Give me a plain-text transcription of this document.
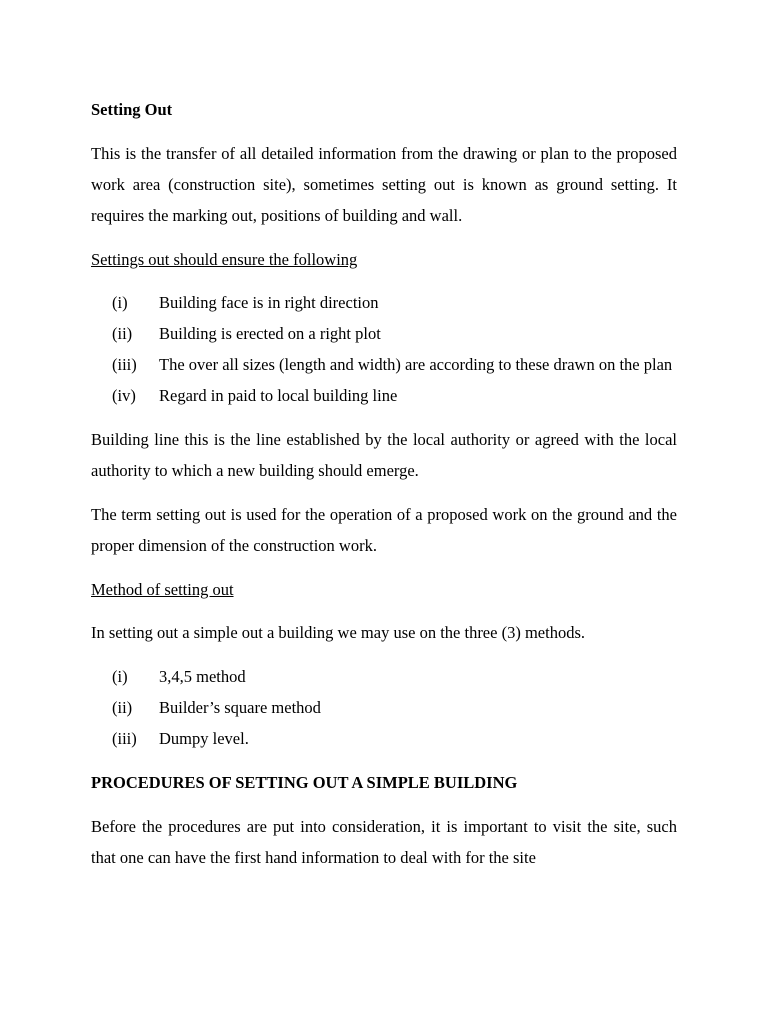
Setting Out
This is the transfer of all detailed information from the drawing or plan to the proposed work area (construction site), sometimes setting out is known as ground setting. It requires the marking out, positions of building and wall.
Settings out should ensure the following
(i)	Building face is in right direction
(ii)	Building is erected on a right plot
(iii)	The over all sizes (length and width) are according to these drawn on the plan
(iv)	Regard in paid to local building line
Building line this is the line established by the local authority or agreed with the local authority to which a new building should emerge.
The term setting out is used for the operation of a proposed work on the ground and the proper dimension of the construction work.
Method of setting out
In setting out a simple out a building we may use on the three (3) methods.
(i)	3,4,5 method
(ii)	Builder’s square method
(iii)	Dumpy level.
PROCEDURES OF SETTING OUT A SIMPLE BUILDING
Before the procedures are put into consideration, it is important to visit the site, such that one can have the first hand information to deal with for the site
